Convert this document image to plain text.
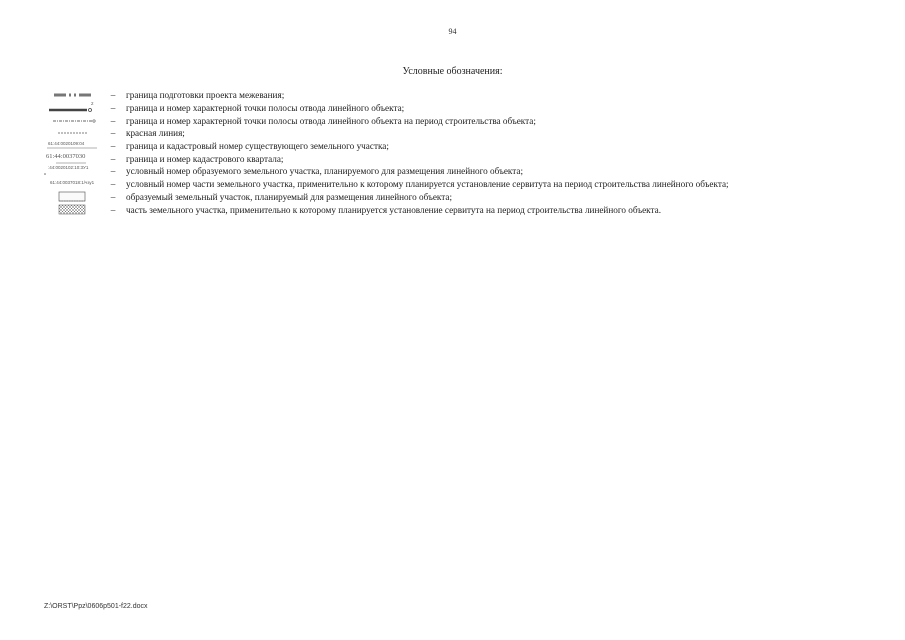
94
Условные обозначения:
–	граница подготовки проекта межевания;
2	–	граница и номер характерной точки полосы отвода линейного объекта;
–	граница и номер характерной точки полосы отвода линейного объекта на период строительства объекта;
–	красная линия;
61:44:0020109:04	–	граница и кадастровый номер существующего земельного участка;
61:44:0037030	–	граница и номер кадастрового квартала;
:44:0020102:10:3У1	–	условный номер образуемого земельного участка, планируемого для размещения линейного объекта;
61:44:0037018:1/чзу1	–	условный номер части земельного участка, применительно к которому планируется установление сервитута на период строительства линейного объекта;
–	образуемый земельный участок, планируемый для размещения линейного объекта;
–	часть земельного участка, применительно к которому планируется установление сервитута на период строительства линейного объекта.
Z:\ORST\Ppz\0606p501-f22.docx
